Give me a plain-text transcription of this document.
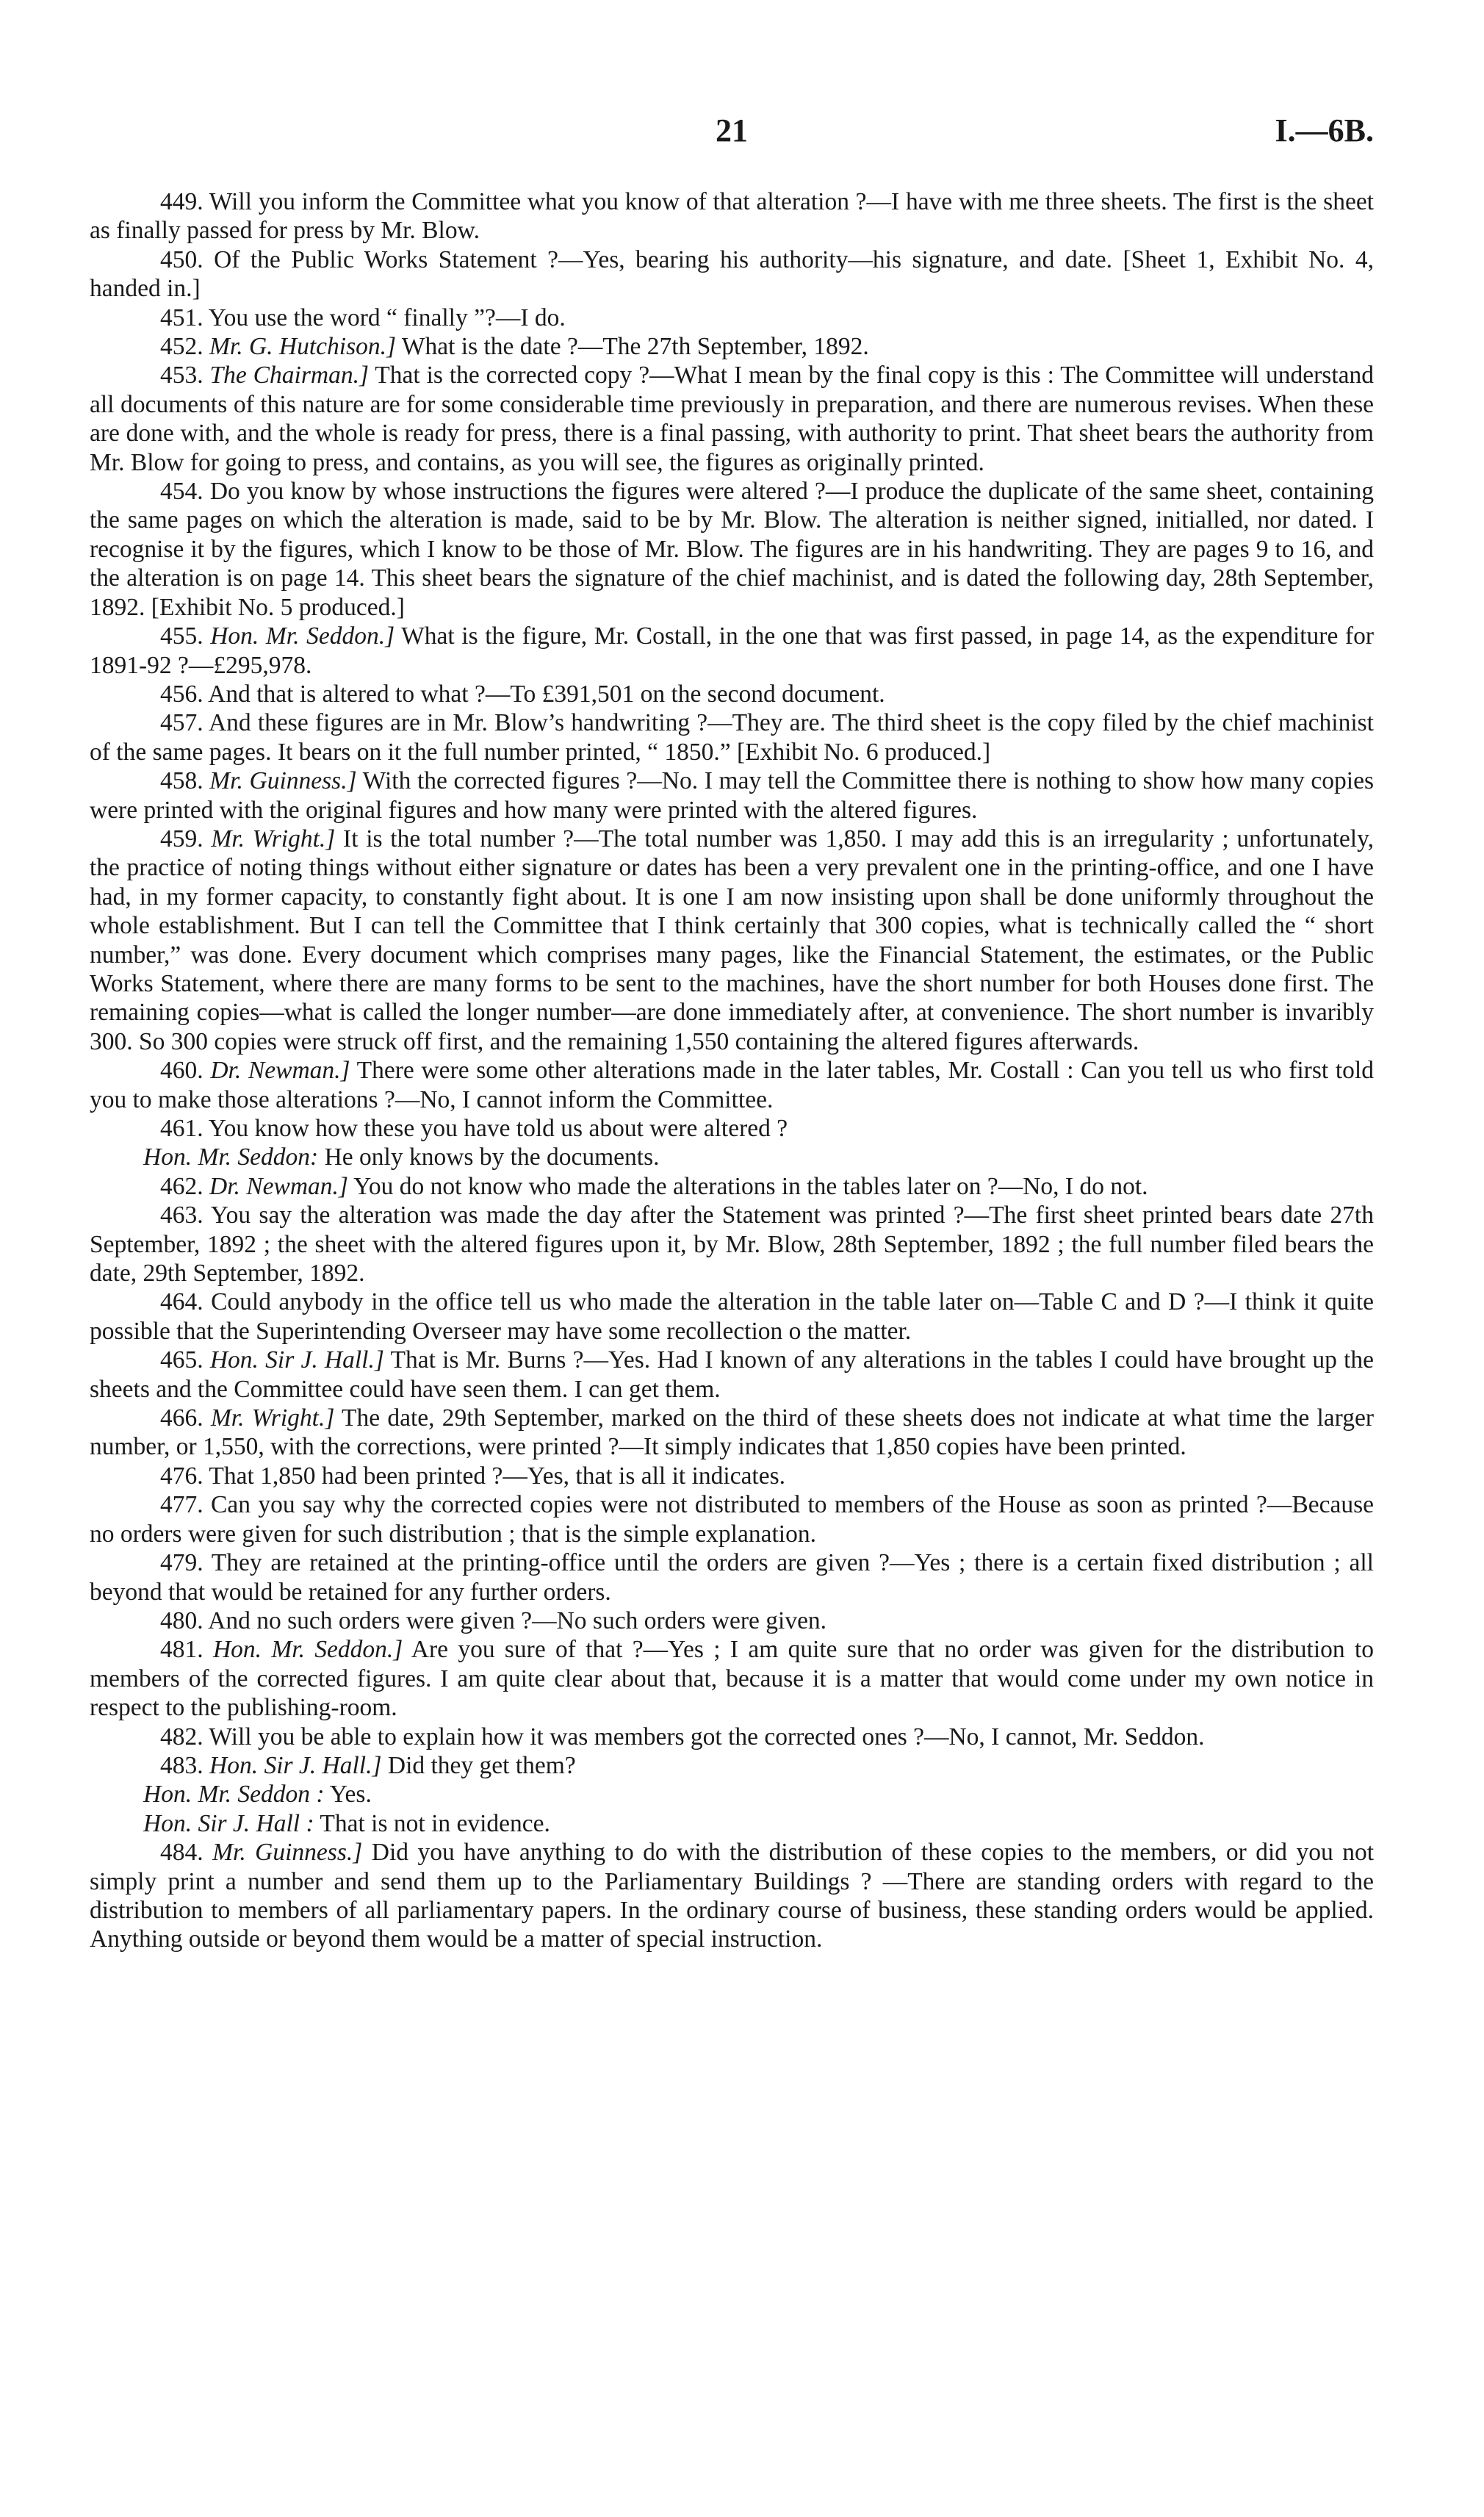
21	I.—6B.

449. Will you inform the Committee what you know of that alteration ?—I have with me three sheets. The first is the sheet as finally passed for press by Mr. Blow.

450. Of the Public Works Statement ?—Yes, bearing his authority—his signature, and date. [Sheet 1, Exhibit No. 4, handed in.]

451. You use the word “ finally ”?—I do.

452. Mr. G. Hutchison.] What is the date ?—The 27th September, 1892.

453. The Chairman.] That is the corrected copy ?—What I mean by the final copy is this : The Committee will understand all documents of this nature are for some considerable time previously in preparation, and there are numerous revises. When these are done with, and the whole is ready for press, there is a final passing, with authority to print. That sheet bears the authority from Mr. Blow for going to press, and contains, as you will see, the figures as originally printed.

454. Do you know by whose instructions the figures were altered ?—I produce the duplicate of the same sheet, containing the same pages on which the alteration is made, said to be by Mr. Blow. The alteration is neither signed, initialled, nor dated. I recognise it by the figures, which I know to be those of Mr. Blow. The figures are in his handwriting. They are pages 9 to 16, and the alteration is on page 14. This sheet bears the signature of the chief machinist, and is dated the following day, 28th September, 1892. [Exhibit No. 5 produced.]

455. Hon. Mr. Seddon.] What is the figure, Mr. Costall, in the one that was first passed, in page 14, as the expenditure for 1891-92 ?—£295,978.

456. And that is altered to what ?—To £391,501 on the second document.

457. And these figures are in Mr. Blow’s handwriting ?—They are. The third sheet is the copy filed by the chief machinist of the same pages. It bears on it the full number printed, “ 1850.” [Exhibit No. 6 produced.]

458. Mr. Guinness.] With the corrected figures ?—No. I may tell the Committee there is nothing to show how many copies were printed with the original figures and how many were printed with the altered figures.

459. Mr. Wright.] It is the total number ?—The total number was 1,850. I may add this is an irregularity ; unfortunately, the practice of noting things without either signature or dates has been a very prevalent one in the printing-office, and one I have had, in my former capacity, to constantly fight about. It is one I am now insisting upon shall be done uniformly throughout the whole establishment. But I can tell the Committee that I think certainly that 300 copies, what is technically called the “ short number,” was done. Every document which comprises many pages, like the Financial Statement, the estimates, or the Public Works Statement, where there are many forms to be sent to the machines, have the short number for both Houses done first. The remaining copies—what is called the longer number—are done immediately after, at convenience. The short number is invaribly 300. So 300 copies were struck off first, and the remaining 1,550 containing the altered figures afterwards.

460. Dr. Newman.] There were some other alterations made in the later tables, Mr. Costall : Can you tell us who first told you to make those alterations ?—No, I cannot inform the Committee.

461. You know how these you have told us about were altered ?

Hon. Mr. Seddon: He only knows by the documents.

462. Dr. Newman.] You do not know who made the alterations in the tables later on ?—No, I do not.

463. You say the alteration was made the day after the Statement was printed ?—The first sheet printed bears date 27th September, 1892 ; the sheet with the altered figures upon it, by Mr. Blow, 28th September, 1892 ; the full number filed bears the date, 29th September, 1892.

464. Could anybody in the office tell us who made the alteration in the table later on—Table C and D ?—I think it quite possible that the Superintending Overseer may have some recollection o the matter.

465. Hon. Sir J. Hall.] That is Mr. Burns ?—Yes. Had I known of any alterations in the tables I could have brought up the sheets and the Committee could have seen them. I can get them.

466. Mr. Wright.] The date, 29th September, marked on the third of these sheets does not indicate at what time the larger number, or 1,550, with the corrections, were printed ?—It simply indicates that 1,850 copies have been printed.

476. That 1,850 had been printed ?—Yes, that is all it indicates.

477. Can you say why the corrected copies were not distributed to members of the House as soon as printed ?—Because no orders were given for such distribution ; that is the simple explanation.

479. They are retained at the printing-office until the orders are given ?—Yes ; there is a certain fixed distribution ; all beyond that would be retained for any further orders.

480. And no such orders were given ?—No such orders were given.

481. Hon. Mr. Seddon.] Are you sure of that ?—Yes ; I am quite sure that no order was given for the distribution to members of the corrected figures. I am quite clear about that, because it is a matter that would come under my own notice in respect to the publishing-room.

482. Will you be able to explain how it was members got the corrected ones ?—No, I cannot, Mr. Seddon.

483. Hon. Sir J. Hall.] Did they get them?

Hon. Mr. Seddon : Yes.

Hon. Sir J. Hall : That is not in evidence.

484. Mr. Guinness.] Did you have anything to do with the distribution of these copies to the members, or did you not simply print a number and send them up to the Parliamentary Buildings ? —There are standing orders with regard to the distribution to members of all parliamentary papers. In the ordinary course of business, these standing orders would be applied. Anything outside or beyond them would be a matter of special instruction.
